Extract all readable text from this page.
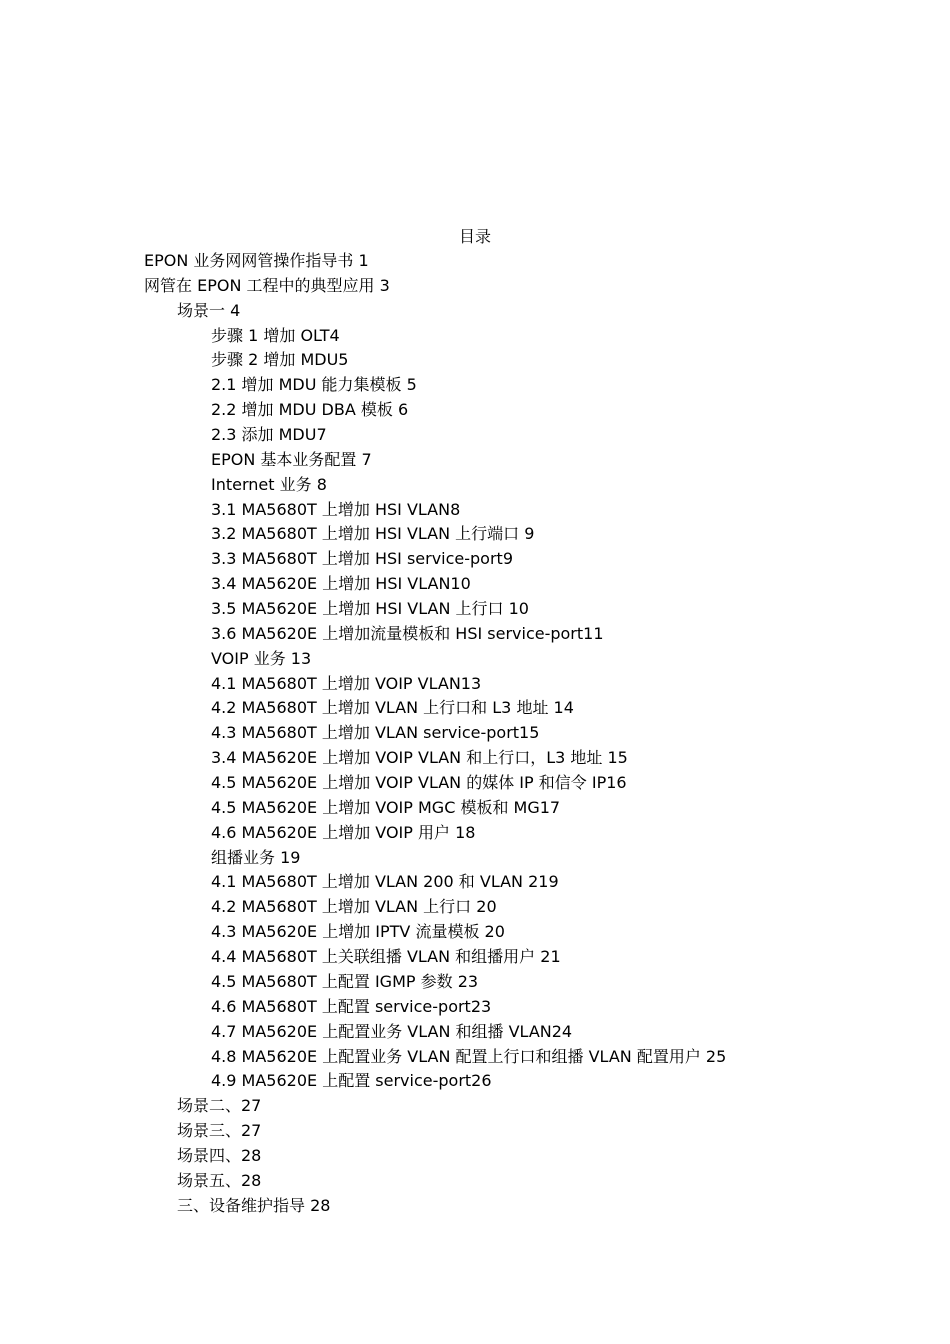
目录
EPON 业务网网管操作指导书 1
网管在 EPON 工程中的典型应用 3
场景一 4
步骤 1 增加 OLT4
步骤 2 增加 MDU5
2.1 增加 MDU 能力集模板 5
2.2 增加 MDU DBA 模板 6
2.3 添加 MDU7
EPON 基本业务配置 7
Internet 业务 8
3.1 MA5680T 上增加 HSI VLAN8
3.2 MA5680T 上增加 HSI VLAN 上行端口 9
3.3 MA5680T 上增加 HSI service-port9
3.4 MA5620E 上增加 HSI VLAN10
3.5 MA5620E 上增加 HSI VLAN 上行口 10
3.6 MA5620E 上增加流量模板和 HSI service-port11
VOIP 业务 13
4.1 MA5680T 上增加 VOIP VLAN13
4.2 MA5680T 上增加 VLAN 上行口和 L3 地址 14
4.3 MA5680T 上增加 VLAN service-port15
3.4 MA5620E 上增加 VOIP VLAN 和上行口，L3 地址 15
4.5 MA5620E 上增加 VOIP VLAN 的媒体 IP 和信令 IP16
4.5 MA5620E 上增加 VOIP MGC 模板和 MG17
4.6 MA5620E 上增加 VOIP 用户 18
组播业务 19
4.1 MA5680T 上增加 VLAN 200 和 VLAN 219
4.2 MA5680T 上增加 VLAN 上行口 20
4.3 MA5620E 上增加 IPTV 流量模板 20
4.4 MA5680T 上关联组播 VLAN 和组播用户 21
4.5 MA5680T 上配置 IGMP 参数 23
4.6 MA5680T 上配置 service-port23
4.7 MA5620E 上配置业务 VLAN 和组播 VLAN24
4.8 MA5620E 上配置业务 VLAN 配置上行口和组播 VLAN 配置用户 25
4.9 MA5620E 上配置 service-port26
场景二、27
场景三、27
场景四、28
场景五、28
三、设备维护指导 28
